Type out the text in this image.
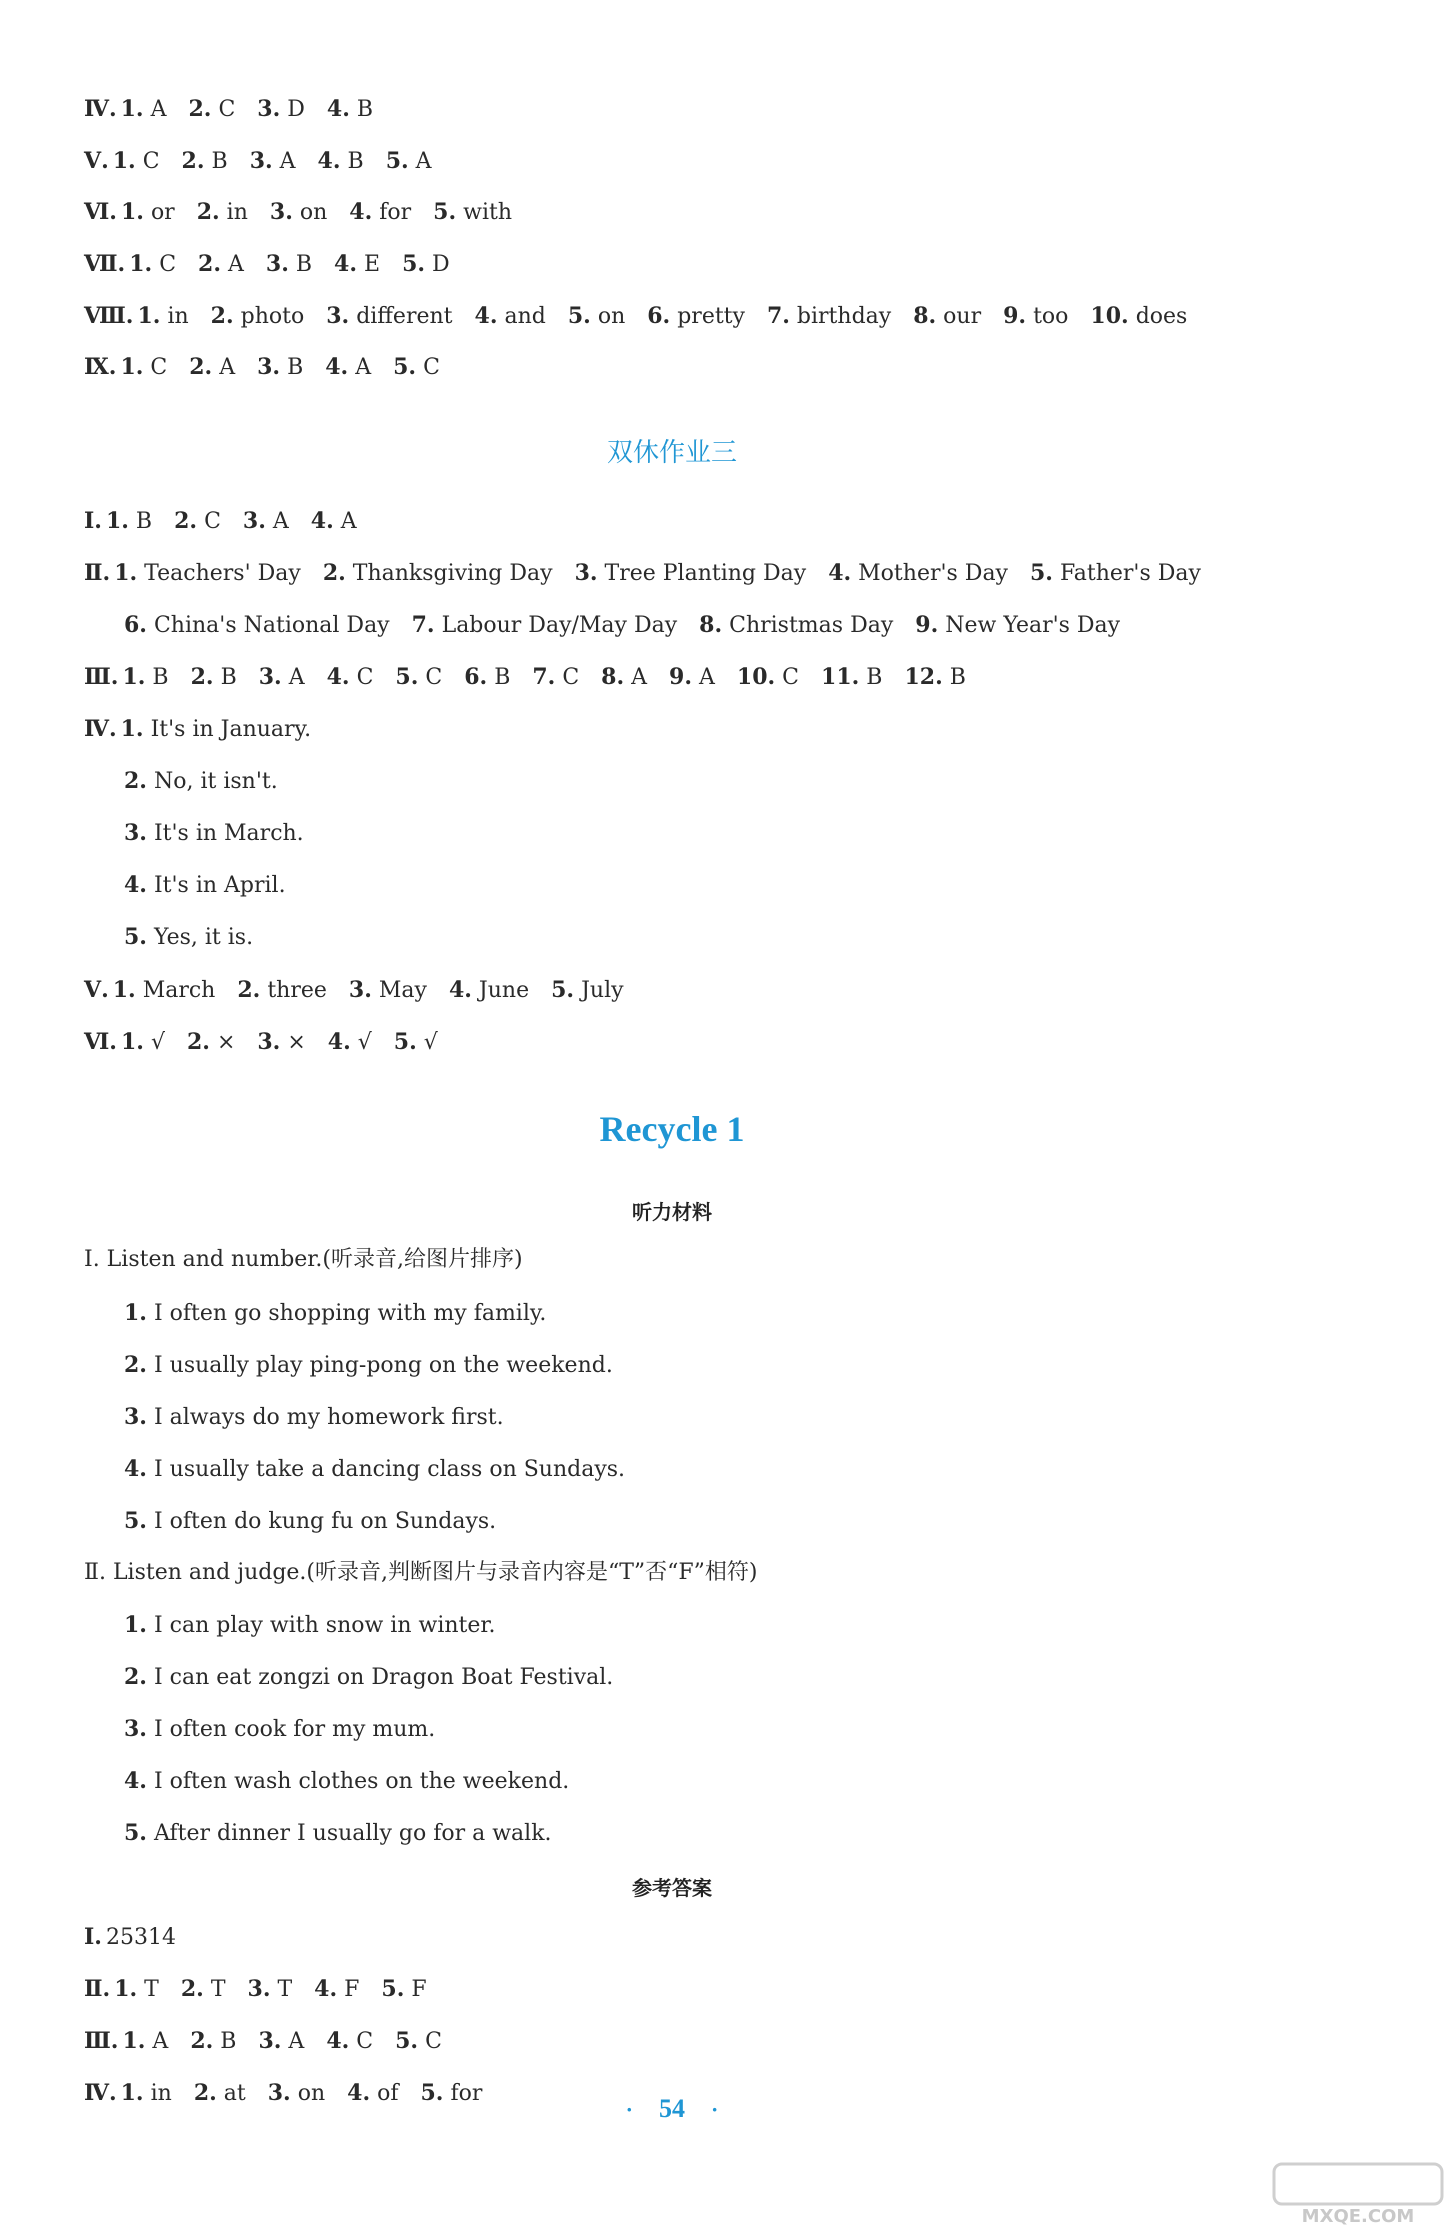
Ⅳ. 1. A 2. C 3. D 4. B
Ⅴ. 1. C 2. B 3. A 4. B 5. A
Ⅵ. 1. or 2. in 3. on 4. for 5. with
Ⅶ. 1. C 2. A 3. B 4. E 5. D
Ⅷ. 1. in 2. photo 3. different 4. and 5. on 6. pretty 7. birthday 8. our 9. too 10. does
Ⅸ. 1. C 2. A 3. B 4. A 5. C
双休作业三
Ⅰ. 1. B 2. C 3. A 4. A
Ⅱ. 1. Teachers' Day 2. Thanksgiving Day 3. Tree Planting Day 4. Mother's Day 5. Father's Day
6. China's National Day 7. Labour Day/May Day 8. Christmas Day 9. New Year's Day
Ⅲ. 1. B 2. B 3. A 4. C 5. C 6. B 7. C 8. A 9. A 10. C 11. B 12. B
Ⅳ. 1. It's in January.
2. No, it isn't.
3. It's in March.
4. It's in April.
5. Yes, it is.
Ⅴ. 1. March 2. three 3. May 4. June 5. July
Ⅵ. 1. √ 2. × 3. × 4. √ 5. √
Recycle 1
听力材料
Ⅰ. Listen and number.(听录音,给图片排序)
1. I often go shopping with my family.
2. I usually play ping-pong on the weekend.
3. I always do my homework first.
4. I usually take a dancing class on Sundays.
5. I often do kung fu on Sundays.
Ⅱ. Listen and judge.(听录音,判断图片与录音内容是“T”否“F”相符)
1. I can play with snow in winter.
2. I can eat zongzi on Dragon Boat Festival.
3. I often cook for my mum.
4. I often wash clothes on the weekend.
5. After dinner I usually go for a walk.
参考答案
Ⅰ. 25314
Ⅱ. 1. T 2. T 3. T 4. F 5. F
Ⅲ. 1. A 2. B 3. A 4. C 5. C
Ⅳ. 1. in 2. at 3. on 4. of 5. for
· 54 ·
MXQE.COM
